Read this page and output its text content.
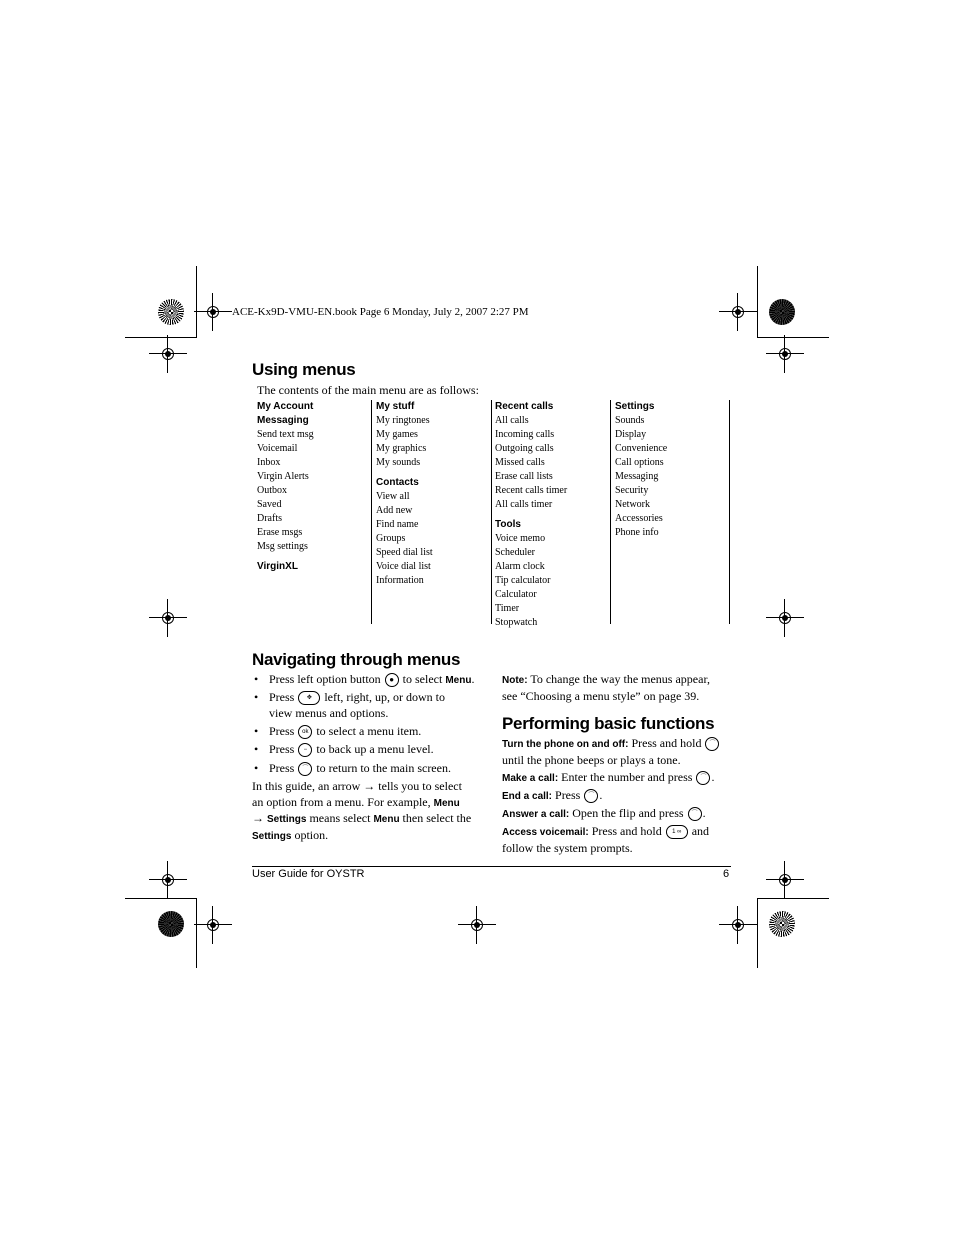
ACE-Kx9D-VMU-EN.book Page 6 Monday, July 2, 2007 2:27 PM
Using menus
The contents of the main menu are as follows:
My Account
Messaging
Send text msg
Voicemail
Inbox
Virgin Alerts
Outbox
Saved
Drafts
Erase msgs
Msg settings
VirginXL
My stuff
My ringtones
My games
My graphics
My sounds
Contacts
View all
Add new
Find name
Groups
Speed dial list
Voice dial list
Information
Recent calls
All calls
Incoming calls
Outgoing calls
Missed calls
Erase call lists
Recent calls timer
All calls timer
Tools
Voice memo
Scheduler
Alarm clock
Tip calculator
Calculator
Timer
Stopwatch
Settings
Sounds
Display
Convenience
Call options
Messaging
Security
Network
Accessories
Phone info
Navigating through menus
• Press left option button ● to select Menu.
• Press ✥ left, right, up, or down to view menus and options.
• Press ok to select a menu item.
• Press − to back up a menu level.
• Press ⌒ to return to the main screen.
In this guide, an arrow → tells you to select an option from a menu. For example, Menu → Settings means select Menu then select the Settings option.
Note: To change the way the menus appear, see “Choosing a menu style” on page 39.
Performing basic functions
Turn the phone on and off: Press and hold ⌒
until the phone beeps or plays a tone.
Make a call: Enter the number and press ⌒ .
End a call: Press ⌒ .
Answer a call: Open the flip and press ⌒ .
Access voicemail: Press and hold 1 ∞ and follow the system prompts.
User Guide for OYSTR	6
